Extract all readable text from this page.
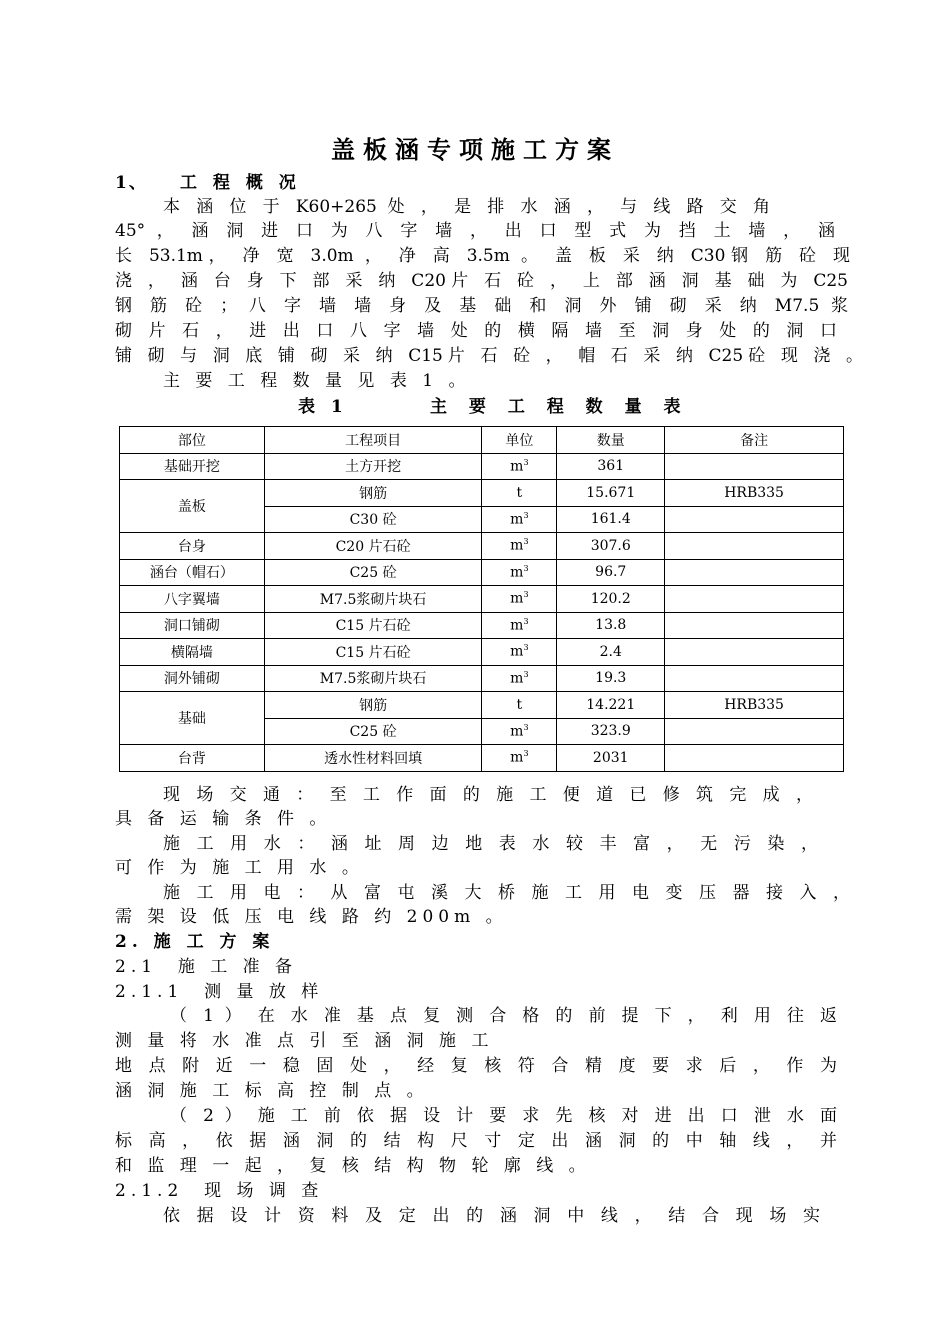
盖板涵专项施工方案
1、 工 程 概 况
本 涵 位 于 K60+265 处 ， 是 排 水 涵 ， 与 线 路 交 角
45° ， 涵 洞 进 口 为 八 字 墙 ， 出 口 型 式 为 挡 土 墙 ， 涵
长 53.1m， 净 宽 3.0m ， 净 高 3.5m 。 盖 板 采 纳 C30钢 筋 砼 现
浇 ， 涵 台 身 下 部 采 纳 C20片 石 砼 ， 上 部 涵 洞 基 础 为 C25
钢 筋 砼 ； 八 字 墙 墙 身 及 基 础 和 洞 外 铺 砌 采 纳 M7.5 浆
砌 片 石 ， 进 出 口 八 字 墙 处 的 横 隔 墙 至 洞 身 处 的 洞 口
铺 砌 与 洞 底 铺 砌 采 纳 C15片 石 砼 ， 帽 石 采 纳 C25砼 现 浇 。
主 要 工 程 数 量 见 表 1 。
表 1	主 要 工 程 数 量 表
部位	工程项目	单位	数量	备注
基础开挖	土方开挖	$m^3$	361	
盖板	钢筋	t	15.671	HRB335
	C30 砼	$m^3$	161.4	
台身	C20 片石砼	$m^3$	307.6	
涵台（帽石）	C25 砼	$m^3$	96.7	
八字翼墙	M7.5浆砌片块石	$m^3$	120.2	
洞口铺砌	C15 片石砼	$m^3$	13.8	
横隔墙	C15 片石砼	$m^3$	2.4	
洞外铺砌	M7.5浆砌片块石	$m^3$	19.3	
基础	钢筋	t	14.221	HRB335
	C25 砼	$m^3$	323.9	
台背	透水性材料回填	$m^3$	2031	
现 场 交 通 ： 至 工 作 面 的 施 工 便 道 已 修 筑 完 成 ，
具 备 运 输 条 件 。
施 工 用 水 ： 涵 址 周 边 地 表 水 较 丰 富 ， 无 污 染 ，
可 作 为 施 工 用 水 。
施 工 用 电 ： 从 富 屯 溪 大 桥 施 工 用 电 变 压 器 接 入 ，
需 架 设 低 压 电 线 路 约 200m 。
2. 施 工 方 案
2.1  施 工 准 备
2.1.1  测 量 放 样
（ 1 ） 在 水 准 基 点 复 测 合 格 的 前 提 下 ， 利 用 往 返
测 量 将 水 准 点 引 至 涵 洞 施 工
地 点 附 近 一 稳 固 处 ， 经 复 核 符 合 精 度 要 求 后 ， 作 为
涵 洞 施 工 标 高 控 制 点 。
（ 2 ） 施 工 前 依 据 设 计 要 求 先 核 对 进 出 口 泄 水 面
标 高 ， 依 据 涵 洞 的 结 构 尺 寸 定 出 涵 洞 的 中 轴 线 ， 并
和 监 理 一 起 ， 复 核 结 构 物 轮 廓 线 。
2.1.2  现 场 调 查
依 据 设 计 资 料 及 定 出 的 涵 洞 中 线 ， 结 合 现 场 实
